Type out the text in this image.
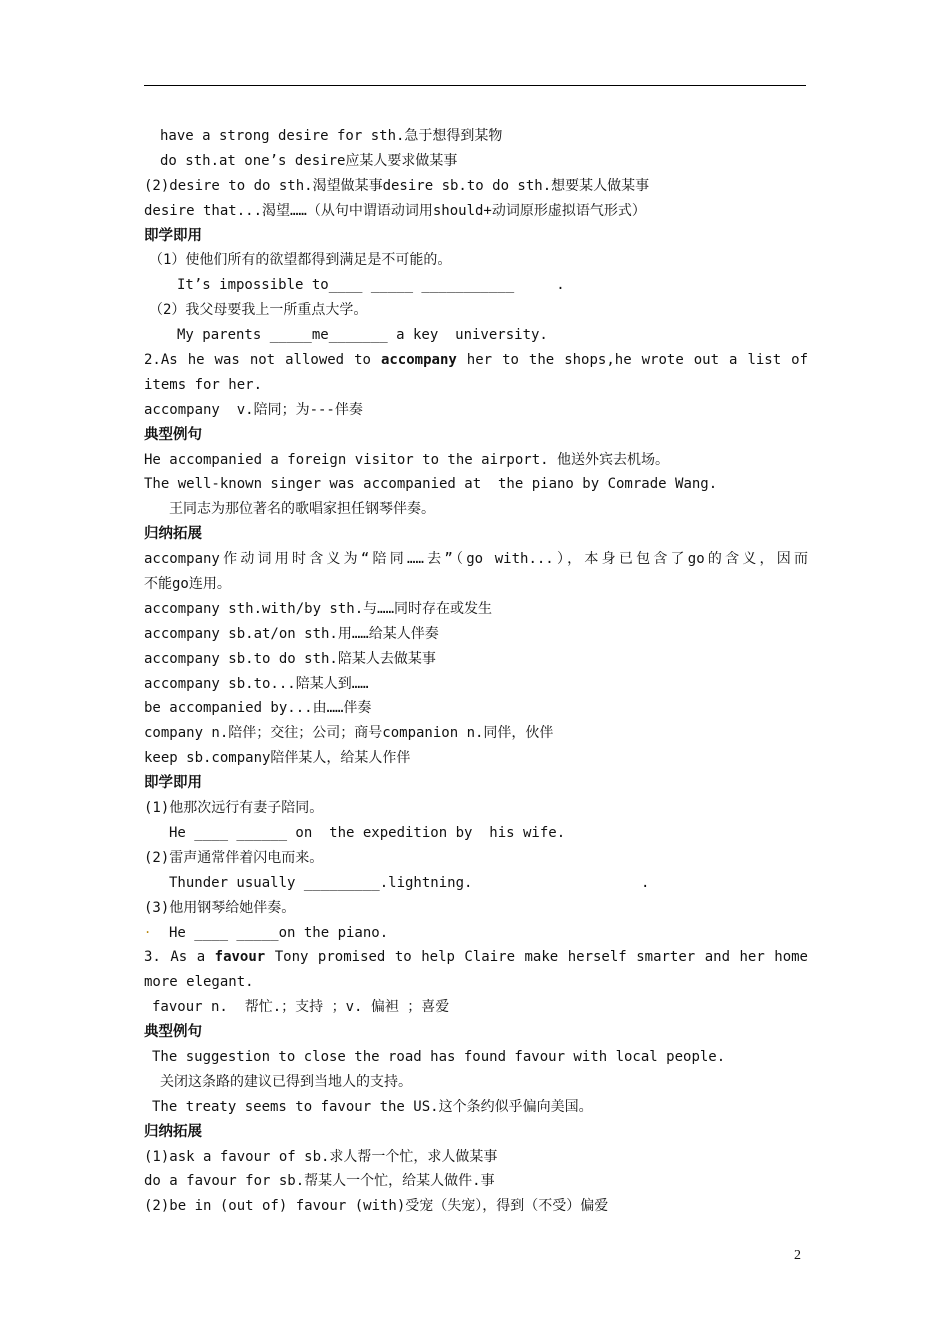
have a strong desire for sth.急于想得到某物
do sth.at one’s desire应某人要求做某事
(2)desire to do sth.渴望做某事desire sb.to do sth.想要某人做某事
desire that...渴望……（从句中谓语动词用should+动词原形虚拟语气形式）
即学即用
（1）使他们所有的欲望都得到满足是不可能的。
It’s impossible to____ _____ ___________     .
（2）我父母要我上一所重点大学。
My parents _____me_______ a key  university.
2.As he was not allowed to accompany her to the shops,he wrote out a list of
items for her.
accompany  v.陪同；为---伴奏
典型例句
He accompanied a foreign visitor to the airport. 他送外宾去机场。
The well-known singer was accompanied at  the piano by Comrade Wang.
王同志为那位著名的歌唱家担任钢琴伴奏。
归纳拓展
accompany作动词用时含义为“陪同……去”（go with...），本身已包含了go的含义，因而
不能go连用。
accompany sth.with/by sth.与……同时存在或发生
accompany sb.at/on sth.用……给某人伴奏
accompany sb.to do sth.陪某人去做某事
accompany sb.to...陪某人到……
be accompanied by...由……伴奏
company n.陪伴；交往；公司；商号companion n.同伴，伙伴
keep sb.company陪伴某人，给某人作伴
即学即用
(1)他那次远行有妻子陪同。
He ____ ______ on  the expedition by  his wife.
(2)雷声通常伴着闪电而来。
Thunder usually _________.lightning.                    .
(3)他用钢琴给她伴奏。
He ____ _____on the piano.
3. As a favour Tony promised to help Claire make herself smarter and her home
more elegant.
favour n.  帮忙.；支持 ；v. 偏袒 ；喜爱
典型例句
The suggestion to close the road has found favour with local people.
关闭这条路的建议已得到当地人的支持。
The treaty seems to favour the US.这个条约似乎偏向美国。
归纳拓展
(1)ask a favour of sb.求人帮一个忙，求人做某事
do a favour for sb.帮某人一个忙，给某人做件.事
(2)be in (out of) favour (with)受宠（失宠），得到（不受）偏爱
.
2
